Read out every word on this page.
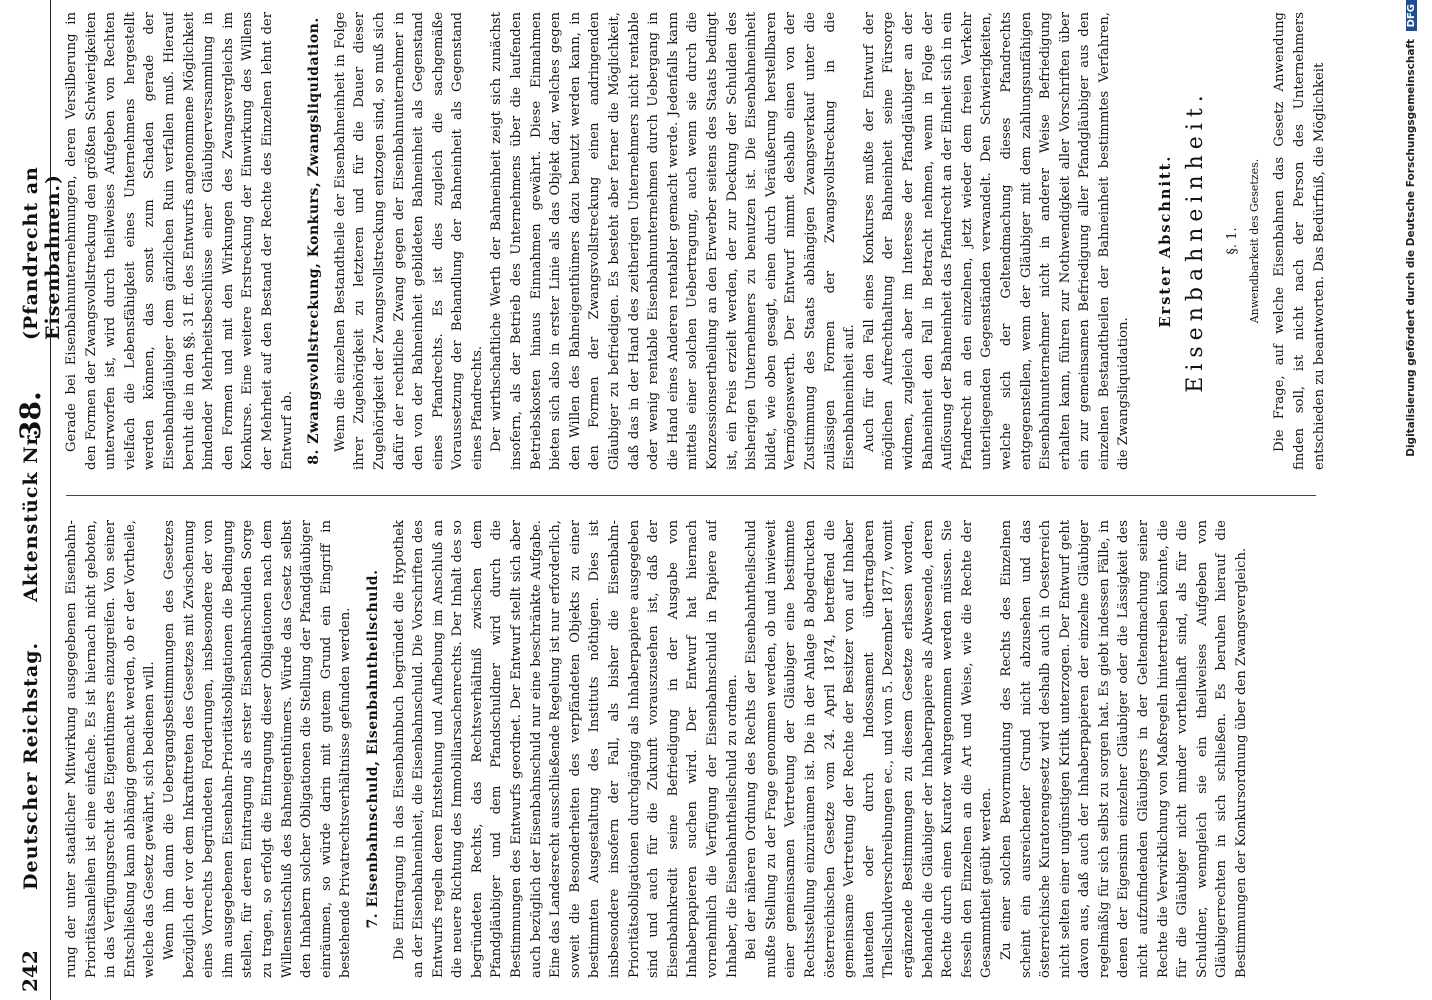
242
Deutscher Reichstag.
Aktenstück Nr.
38.
(Pfandrecht an Eisenbahnen.)

rung der unter staatlicher Mitwirkung ausgegebenen Eisenbahn-Prioritätsanleihen ist eine einfache. Es ist hiernach nicht geboten, in das Verfügungsrecht des Eigenthümers einzugreifen. Von seiner Entschließung kann abhängig gemacht werden, ob er der Vortheile, welche das Gesetz gewährt, sich bedienen will. Wenn ihm dann die Uebergangsbestimmungen des Gesetzes bezüglich der vor dem Inkrafttreten des Gesetzes mit Zwischenung eines Vorrechts begründeten Forderungen, insbesondere der von ihm ausgegebenen Eisenbahn-Prioritätsobligationen die Bedingung stellen, für deren Eintragung als erster Eisenbahnschulden Sorge zu tragen, so erfolgt die Eintragung dieser Obligationen nach dem Willensentschluß des Bahneigenthümers. Würde das Gesetz selbst den Inhabern solcher Obligationen die Stellung der Pfandgläubiger einräumen, so würde darin mit gutem Grund ein Eingriff in bestehende Privatrechtsverhältnisse gefunden werden. 7. Eisenbahnschuld, Eisenbahntheilschuld. Die Eintragung in das Eisenbahnbuch begründet die Hypothek an der Eisenbahneinheit, die Eisenbahnschuld. Die Vorschriften des Entwurfs regeln deren Entstehung und Aufhebung im Anschluß an die neuere Richtung des Immobiliarsachenrechts. Der Inhalt des so begründeten Rechts, das Rechtsverhältniß zwischen dem Pfandgläubiger und dem Pfandschuldner wird durch die Bestimmungen des Entwurfs geordnet. Der Entwurf stellt sich aber auch bezüglich der Eisenbahnschuld nur eine beschränkte Aufgabe. Eine das Landesrecht ausschließende Regelung ist nur erforderlich, soweit die Besonderheiten des verpfändeten Objekts zu einer bestimmten Ausgestaltung des Instituts nöthigen. Dies ist insbesondere insofern der Fall, als bisher die Eisenbahn-Prioritätsobligationen durchgängig als Inhaberpapiere ausgegeben sind und auch für die Zukunft vorauszusehen ist, daß der Eisenbahnkredit seine Befriedigung in der Ausgabe von Inhaberpapieren suchen wird. Der Entwurf hat hiernach vornehmlich die Verfügung der Eisenbahnschuld in Papiere auf Inhaber, die Eisenbahntheilschuld zu ordnen. Bei der näheren Ordnung des Rechts der Eisenbahntheilschuld mußte Stellung zu der Frage genommen werden, ob und inwieweit einer gemeinsamen Vertretung der Gläubiger eine bestimmte Rechtsstellung einzuräumen ist. Die in der Anlage B abgedruckten österreichischen Gesetze vom 24. April 1874, betreffend die gemeinsame Vertretung der Rechte der Besitzer von auf Inhaber lautenden oder durch Indossament übertragbaren Theilschuldverschreibungen ec., und vom 5. Dezember 1877, womit ergänzende Bestimmungen zu diesem Gesetze erlassen worden, behandeln die Gläubiger der Inhaberpapiere als Abwesende, deren Rechte durch einen Kurator wahrgenommen werden müssen. Sie fesseln den Einzelnen an die Art und Weise, wie die Rechte der Gesammtheit geübt werden. Zu einer solchen Bevormundung des Rechts des Einzelnen scheint ein ausreichender Grund nicht abzusehen und das österreichische Kuratorengesetz wird deshalb auch in Oesterreich nicht selten einer ungünstigen Kritik unterzogen. Der Entwurf geht davon aus, daß auch der Inhaberpapieren der einzelne Gläubiger regelmäßig für sich selbst zu sorgen hat. Es giebt indessen Fälle, in denen der Eigensinn einzelner Gläubiger oder die Lässigkeit des nicht aufzufindenden Gläubigers in der Geltendmachung seiner Rechte die Verwirklichung von Maßregeln hintertreiben könnte, die für die Gläubiger nicht minder vortheilhaft sind, als für die Schuldner, wenngleich sie ein theilweises Aufgeben von Gläubigerrechten in sich schließen. Es beruhen hierauf die Bestimmungen der Konkursordnung über den Zwangsvergleich.

Gerade bei Eisenbahnunternehmungen, deren Versilberung in den Formen der Zwangsvollstreckung den größten Schwierigkeiten unterworfen ist, wird durch theilweises Aufgeben von Rechten vielfach die Lebensfähigkeit eines Unternehmens hergestellt werden können, das sonst zum Schaden gerade der Eisenbahngläubiger dem gänzlichen Ruin verfallen muß. Hierauf beruht die in den §§. 31 ff. des Entwurfs angenommene Möglichkeit bindender Mehrheitsbeschlüsse einer Gläubigerversammlung in den Formen und mit den Wirkungen des Zwangsvergleichs im Konkurse. Eine weitere Erstreckung der Einwirkung des Willens der Mehrheit auf den Bestand der Rechte des Einzelnen lehnt der Entwurf ab. 8. Zwangsvollstreckung, Konkurs, Zwangsliquidation. Wenn die einzelnen Bestandtheile der Eisenbahneinheit in Folge ihrer Zugehörigkeit zu letzteren und für die Dauer dieser Zugehörigkeit der Zwangsvollstreckung entzogen sind, so muß sich dafür der rechtliche Zwang gegen der Eisenbahnunternehmer in den von der Bahneinheit gebildeten Bahneinheit als Gegenstand eines Pfandrechts. Es ist dies zugleich die sachgemäße Voraussetzung der Behandlung der Bahneinheit als Gegenstand eines Pfandrechts. Der wirthschaftliche Werth der Bahneinheit zeigt sich zunächst insofern, als der Betrieb des Unternehmens über die laufenden Betriebskosten hinaus Einnahmen gewährt. Diese Einnahmen bieten sich also in erster Linie als das Objekt dar, welches gegen den Willen des Bahneigenthümers dazu benutzt werden kann, in den Formen der Zwangsvollstreckung einen andringenden Gläubiger zu befriedigen. Es besteht aber ferner die Möglichkeit, daß das in der Hand des zeitherigen Unternehmers nicht rentable oder wenig rentable Eisenbahnunternehmen durch Uebergang in die Hand eines Anderen rentabler gemacht werde. Jedenfalls kann mittels einer solchen Uebertragung, auch wenn sie durch die Konzessionsertheilung an den Erwerber seitens des Staats bedingt ist, ein Preis erzielt werden, der zur Deckung der Schulden des bisherigen Unternehmers zu benutzen ist. Die Eisenbahneinheit bildet, wie oben gesagt, einen durch Veräußerung herstellbaren Vermögenswerth. Der Entwurf nimmt deshalb einen von der Zustimmung des Staats abhängigen Zwangsverkauf unter die zulässigen Formen der Zwangsvollstreckung in die Eisenbahneinheit auf. Auch für den Fall eines Konkurses mußte der Entwurf der möglichen Aufrechthaltung der Bahneinheit seine Fürsorge widmen, zugleich aber im Interesse der Pfandgläubiger an der Bahneinheit den Fall in Betracht nehmen, wenn in Folge der Auflösung der Bahneinheit das Pfandrecht an der Einheit sich in ein Pfandrecht an den einzelnen, jetzt wieder dem freien Verkehr unterliegenden Gegenständen verwandelt. Den Schwierigkeiten, welche sich der Geltendmachung dieses Pfandrechts entgegenstellen, wenn der Gläubiger mit dem zahlungsunfähigen Eisenbahnunternehmer nicht in anderer Weise Befriedigung erhalten kann, führen zur Nothwendigkeit aller Vorschriften über ein zur gemeinsamen Befriedigung aller Pfandgläubiger aus den einzelnen Bestandtheilen der Bahneinheit bestimmtes Verfahren, die Zwangsliquidation.

Erster Abschnitt. Eisenbahneinheit. §. 1. Anwendbarkeit des Gesetzes. Die Frage, auf welche Eisenbahnen das Gesetz Anwendung finden soll, ist nicht nach der Person des Unternehmers entschieden zu beantworten. Das Bedürfniß, die Möglichkeit	Digitalisierung gefördert durch die Deutsche Forschungsgemeinschaft DFG
